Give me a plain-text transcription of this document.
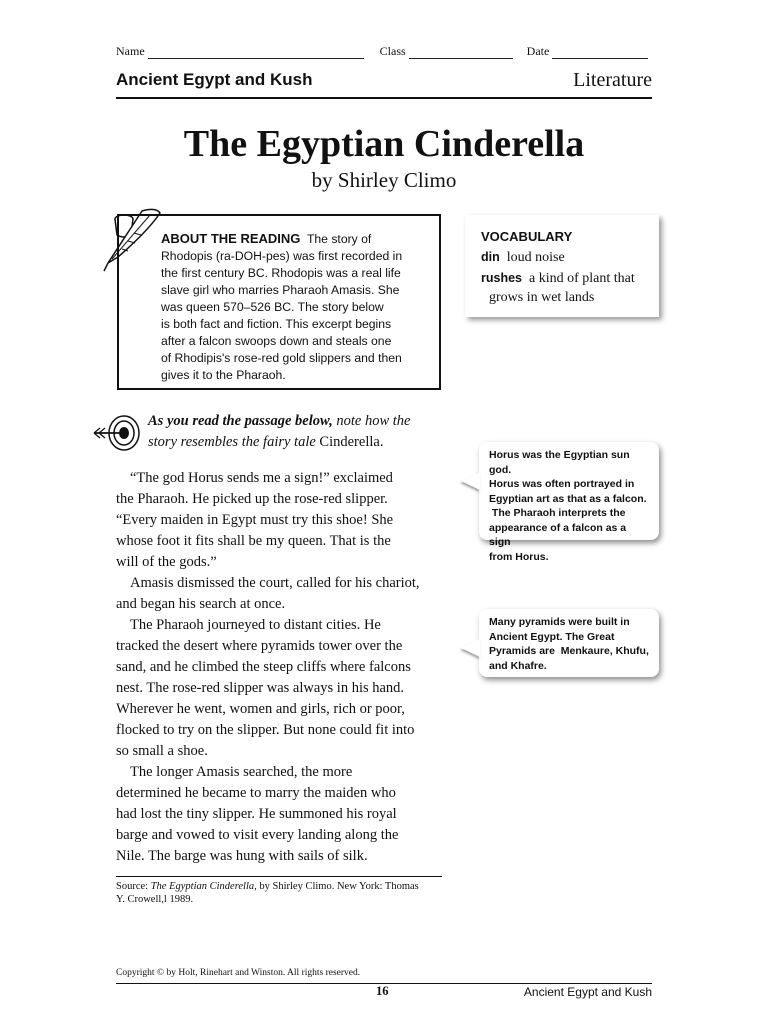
Name	Class	Date
Ancient Egypt and Kush	Literature
The Egyptian Cinderella
by Shirley Climo
ABOUT THE READING The story of
Rhodopis (ra-DOH-pes) was first recorded in
the first century BC. Rhodopis was a real life
slave girl who marries Pharaoh Amasis. She
was queen 570–526 BC. The story below
is both fact and fiction. This excerpt begins
after a falcon swoops down and steals one
of Rhodipis's rose-red gold slippers and then
gives it to the Pharaoh.
VOCABULARY
din loud noise
rushes a kind of plant that
grows in wet lands
As you read the passage below, note how the
story resembles the fairy tale Cinderella.

“The god Horus sends me a sign!” exclaimed

the Pharaoh. He picked up the rose-red slipper.
“Every maiden in Egypt must try this shoe! She
whose foot it fits shall be my queen. That is the
will of the gods.”

Amasis dismissed the court, called for his chariot,

and began his search at once.

The Pharaoh journeyed to distant cities. He

tracked the desert where pyramids tower over the
sand, and he climbed the steep cliffs where falcons
nest. The rose-red slipper was always in his hand.
Wherever he went, women and girls, rich or poor,
flocked to try on the slipper. But none could fit into
so small a shoe.

The longer Amasis searched, the more

determined he became to marry the maiden who
had lost the tiny slipper. He summoned his royal
barge and vowed to visit every landing along the
Nile. The barge was hung with sails of silk.
Horus was the Egyptian sun god.
Horus was often portrayed in
Egyptian art as that as a falcon.
The Pharaoh interprets the
appearance of a falcon as a sign
from Horus.
Many pyramids were built in
Ancient Egypt. The Great
Pyramids are  Menkaure, Khufu,
and Khafre.
Source: The Egyptian Cinderella, by Shirley Climo. New York: Thomas
Y. Crowell,l 1989.
Copyright © by Holt, Rinehart and Winston. All rights reserved.
16	Ancient Egypt and Kush
